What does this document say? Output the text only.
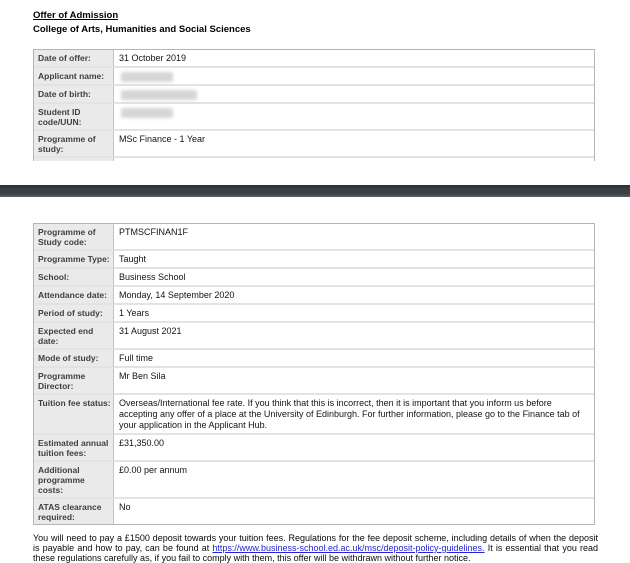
Offer of Admission
College of Arts, Humanities and Social Sciences
Date of offer:	31 October 2019
Applicant name:	

Date of birth:	

Student ID code/UUN:	

Programme of study:	MSc Finance - 1 Year

Programme of Study code:	PTMSCFINAN1F
Programme Type:	Taught
School:	Business School
Attendance date:	Monday, 14 September 2020
Period of study:	1 Years
Expected end date:	31 August 2021
Mode of study:	Full time
Programme Director:	Mr Ben Sila
Tuition fee status:	Overseas/International fee rate. If you think that this is incorrect, then it is important that you inform us before accepting any offer of a place at the University of Edinburgh. For further information, please go to the Finance tab of your application in the Applicant Hub.
Estimated annual tuition fees:	£31,350.00
Additional programme costs:	£0.00 per annum
ATAS clearance required:	No

You will need to pay a £1500 deposit towards your tuition fees. Regulations for the fee deposit scheme, including details of when the deposit is payable and how to pay, can be found at https://www.business-school.ed.ac.uk/msc/deposit-policy-guidelines. It is essential that you read these regulations carefully as, if you fail to comply with them, this offer will be withdrawn without further notice.
